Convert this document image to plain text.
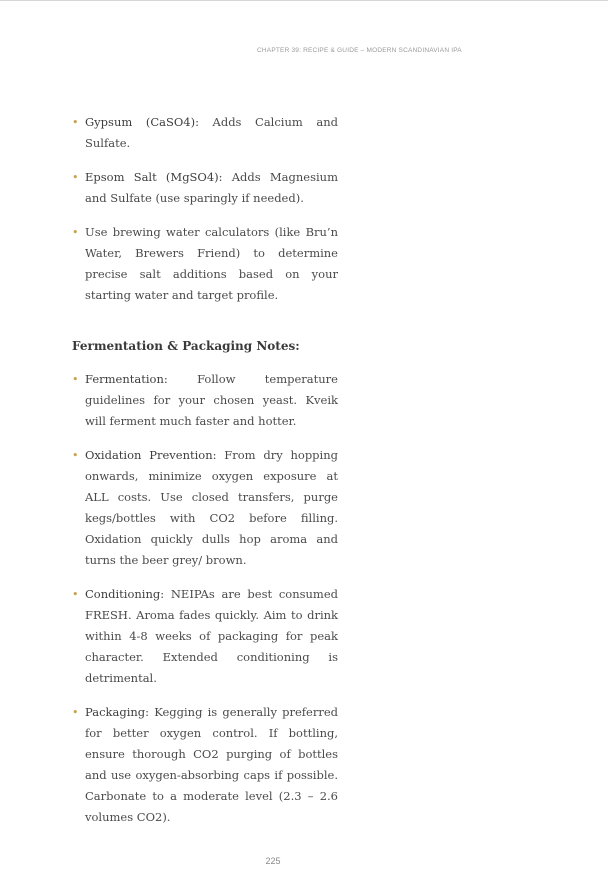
CHAPTER 39: RECIPE & GUIDE – MODERN SCANDINAVIAN IPA
• Gypsum (CaSO4): Adds Calcium and Sulfate.
• Epsom Salt (MgSO4): Adds Magnesium and Sulfate (use sparingly if needed).
• Use brewing water calculators (like Bru’n Water, Brewers Friend) to determine precise salt additions based on your starting water and target profile.
Fermentation & Packaging Notes:
• Fermentation: Follow temperature guidelines for your chosen yeast. Kveik will ferment much faster and hotter.
• Oxidation Prevention: From dry hopping onwards, minimize oxygen exposure at ALL costs. Use closed transfers, purge kegs/bottles with CO2 before filling. Oxidation quickly dulls hop aroma and turns the beer grey/ brown.
• Conditioning: NEIPAs are best consumed FRESH. Aroma fades quickly. Aim to drink within 4-8 weeks of packaging for peak character. Extended conditioning is detrimental.
• Packaging: Kegging is generally preferred for better oxygen control. If bottling, ensure thorough CO2 purging of bottles and use oxygen-absorbing caps if possible. Carbonate to a moderate level (2.3 – 2.6 volumes CO2).
225
